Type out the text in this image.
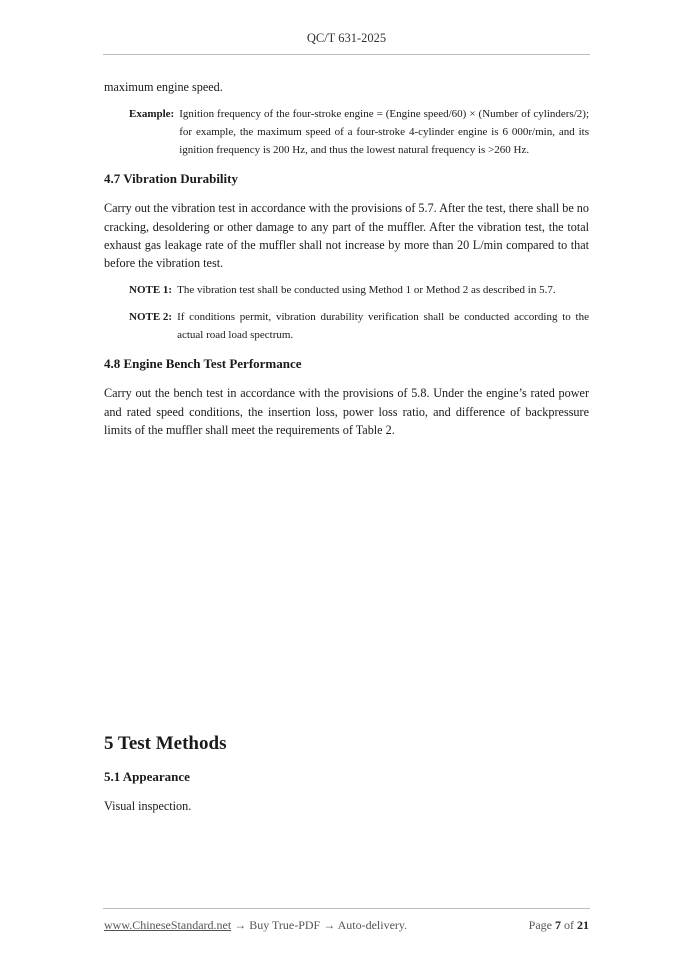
QC/T 631-2025

maximum engine speed.

Example: Ignition frequency of the four-stroke engine = (Engine speed/60) × (Number of cylinders/2); for example, the maximum speed of a four-stroke 4-cylinder engine is 6 000r/min, and its ignition frequency is 200 Hz, and thus the lowest natural frequency is >260 Hz.

4.7 Vibration Durability

Carry out the vibration test in accordance with the provisions of 5.7. After the test, there shall be no cracking, desoldering or other damage to any part of the muffler. After the vibration test, the total exhaust gas leakage rate of the muffler shall not increase by more than 20 L/min compared to that before the vibration test.

NOTE 1: The vibration test shall be conducted using Method 1 or Method 2 as described in 5.7.
NOTE 2: If conditions permit, vibration durability verification shall be conducted according to the actual road load spectrum.

4.8 Engine Bench Test Performance

Carry out the bench test in accordance with the provisions of 5.8. Under the engine’s rated power and rated speed conditions, the insertion loss, power loss ratio, and difference of backpressure limits of the muffler shall meet the requirements of Table 2.

5 Test Methods

5.1 Appearance

Visual inspection.

www.ChineseStandard.net → Buy True-PDF → Auto-delivery.	Page 7 of 21
